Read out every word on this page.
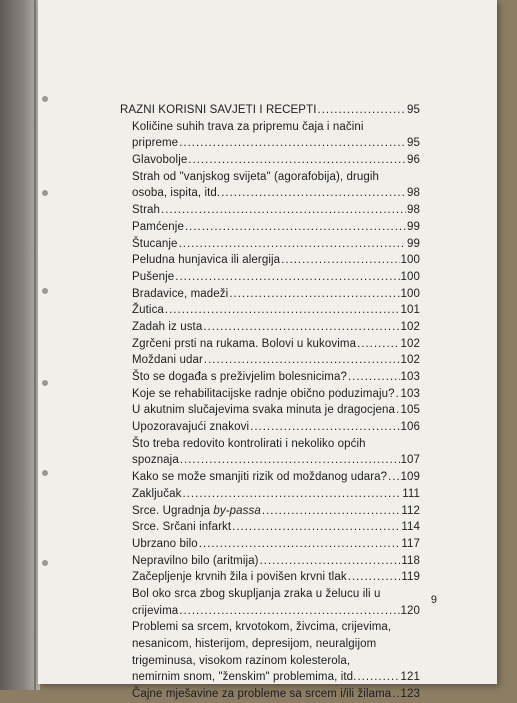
9
RAZNI KORISNI SAVJETI I RECEPTI .....	95
Količine suhih trava za pripremu čaja i načini
pripreme .....	95
Glavobolje .....	96
Strah od "vanjskog svijeta" (agorafobija), drugih
osoba, ispita, itd. .....	98
Strah .....	98
Pamćenje .....	99
Štucanje .....	99
Peludna hunjavica ili alergija .....	100
Pušenje .....	100
Bradavice, madeži .....	100
Žutica .....	101
Zadah iz usta .....	102
Zgrčeni prsti na rukama. Bolovi u kukovima .....	102
Moždani udar .....	102
Što se događa s preživjelim bolesnicima? .....	103
Koje se rehabilitacijske radnje obično poduzimaju? ..... 103
U akutnim slučajevima svaka minuta je dragocjena ..... 105
Upozoravajući znakovi .....	106
Što treba redovito kontrolirati i nekoliko općih
spoznaja .....	107
Kako se može smanjiti rizik od moždanog udara? ..... 109
Zaključak .....	111
Srce. Ugradnja by-passa .....	112
Srce. Srčani infarkt .....	114
Ubrzano bilo .....	117
Nepravilno bilo (aritmija) .....	118
Začepljenje krvnih žila i povišen krvni tlak .....	119
Bol oko srca zbog skupljanja zraka u želucu ili u
crijevima .....	120
Problemi sa srcem, krvotokom, živcima, crijevima,
nesanicom, histerijom, depresijom, neuralgijom
trigeminusa, visokom razinom kolesterola,
nemirnim snom, "ženskim" problemima, itd. .....	121
Čajne mješavine za probleme sa srcem i/ili žilama ..... 123
